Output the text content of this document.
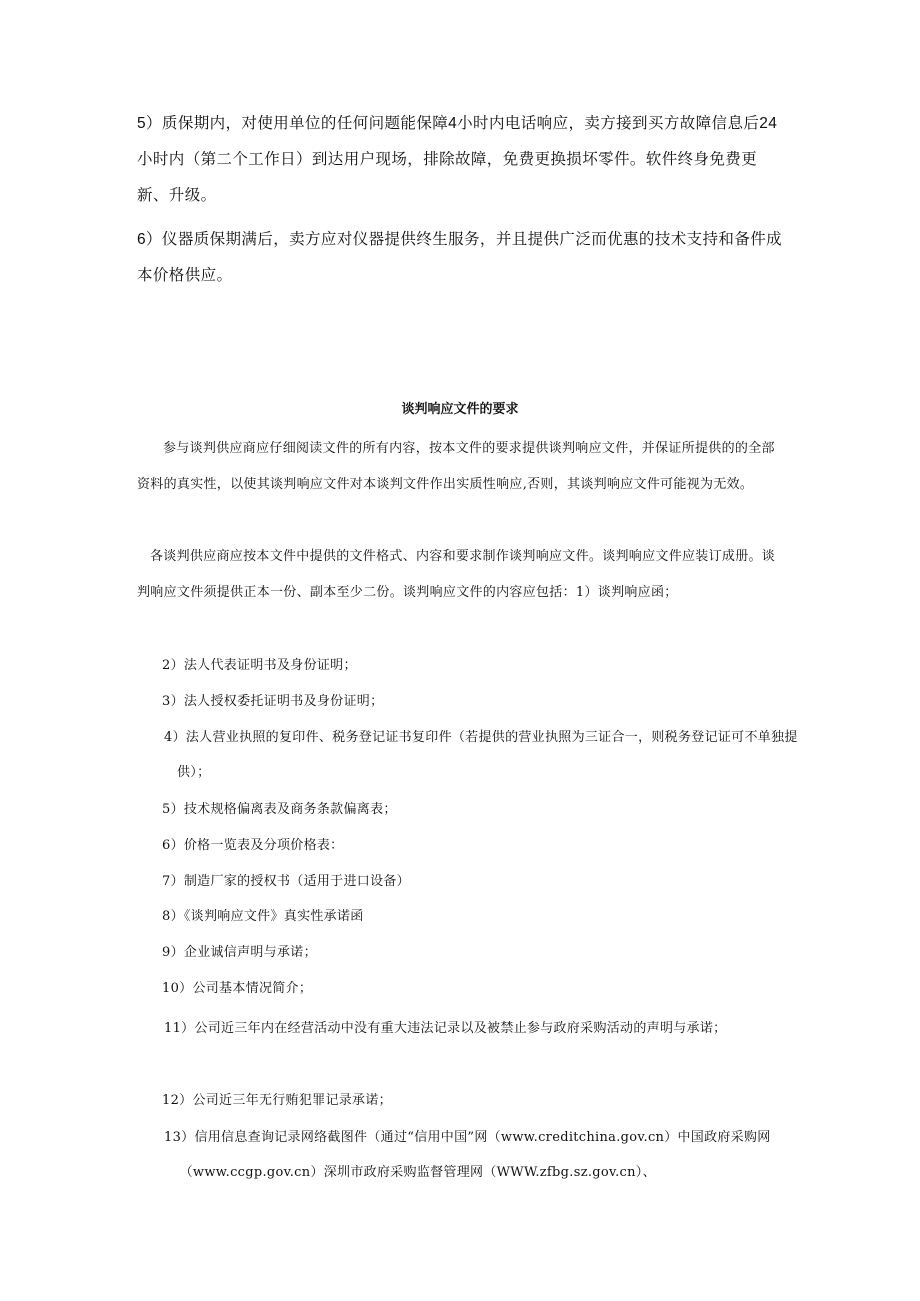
5）质保期内，对使用单位的任何问题能保障4小时内电话响应，卖方接到买方故障信息后24小时内（第二个工作日）到达用户现场，排除故障，免费更换损坏零件。软件终身免费更新、升级。

6）仪器质保期满后，卖方应对仪器提供终生服务，并且提供广泛而优惠的技术支持和备件成本价格供应。

谈判响应文件的要求

参与谈判供应商应仔细阅读文件的所有内容，按本文件的要求提供谈判响应文件，并保证所提供的的全部资料的真实性，以使其谈判响应文件对本谈判文件作出实质性响应,否则，其谈判响应文件可能视为无效。

各谈判供应商应按本文件中提供的文件格式、内容和要求制作谈判响应文件。谈判响应文件应装订成册。谈判响应文件须提供正本一份、副本至少二份。谈判响应文件的内容应包括：1）谈判响应函；

2）法人代表证明书及身份证明；

3）法人授权委托证明书及身份证明；

4）法人营业执照的复印件、税务登记证书复印件（若提供的营业执照为三证合一，则税务登记证可不单独提供）；

5）技术规格偏离表及商务条款偏离表；

6）价格一览表及分项价格表：

7）制造厂家的授权书（适用于进口设备）

8）《谈判响应文件》真实性承诺函

9）企业诚信声明与承诺；

10）公司基本情况简介；

11）公司近三年内在经营活动中没有重大违法记录以及被禁止参与政府采购活动的声明与承诺；

12）公司近三年无行贿犯罪记录承诺；

13）信用信息查询记录网络截图件（通过“信用中国”网（www.creditchina.gov.cn）中国政府采购网（www.ccgp.gov.cn）深圳市政府采购监督管理网（WWW.zfbg.sz.gov.cn）、
